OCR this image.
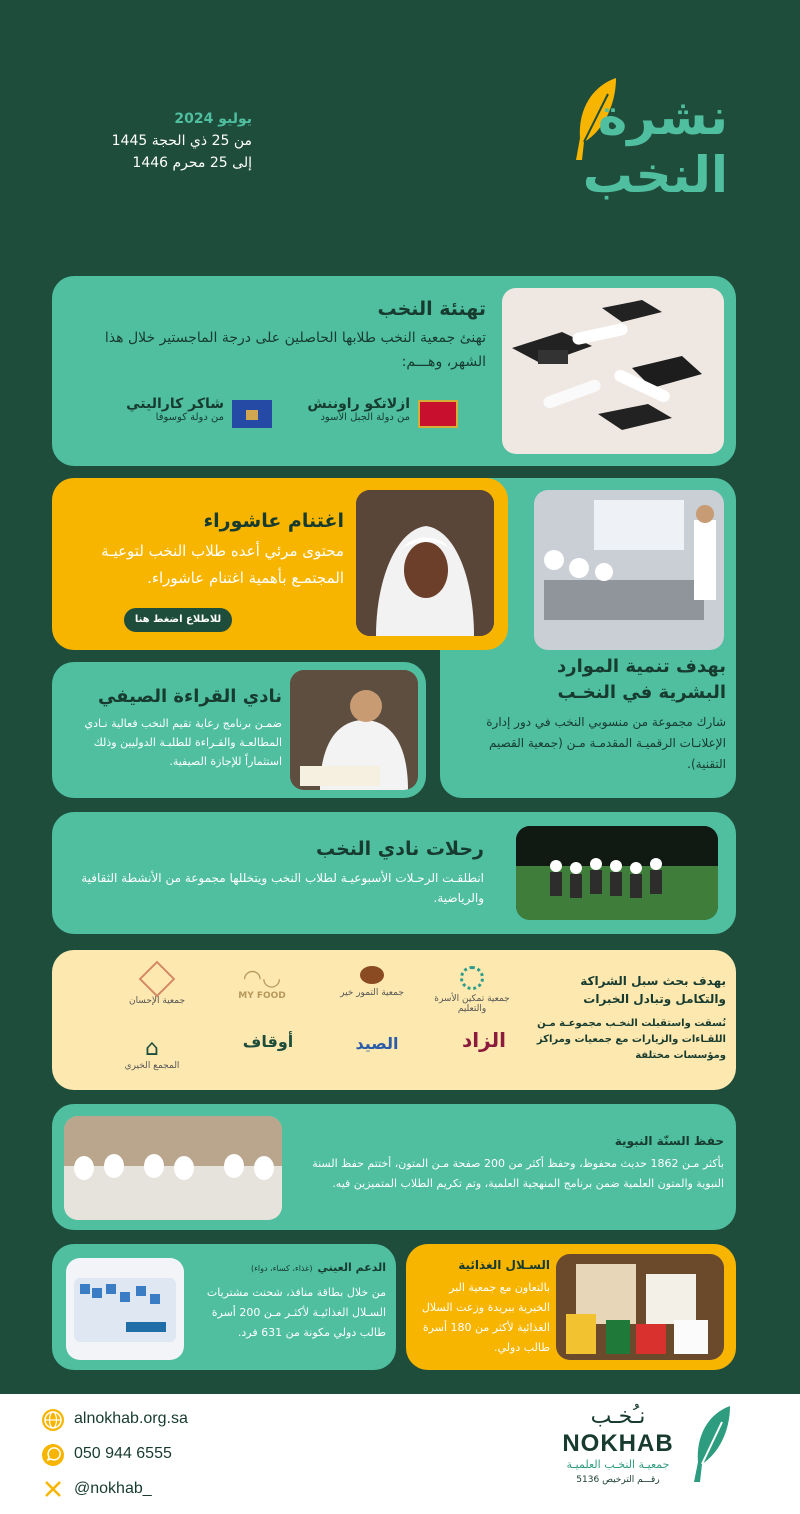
نشرة
النخب
يوليو 2024
من 25 ذي الحجة 1445
إلى 25 محرم 1446
تهنئة النخب
تهنئ جمعية النخب طلابها الحاصلين على درجة الماجستير خلال هذا الشهر، وهـــم:
ازلاتكو راوننش
من دولة الجبل الأسود
شاكر كاراليتي
من دولة كوسوفا
بهدف تنمية الموارد
البشرية في النخـب
شارك مجموعة من منسوبي النخب في دور إدارة الإعلانـات الرقميـة المقدمـة مـن (جمعية القصيم التقنية).
اغتنام عاشوراء
محتوى مرئي أعده طلاب النخب لتوعيـة المجتمـع بأهمية اغتنام عاشوراء.
للاطلاع اضغط هنا
نادي القراءة الصيفي
ضمـن برنامج رعاية تقيم النخب فعالية نـادي المطالعـة والقـراءة للطلبـة الدوليين وذلك استثماراً للإجازة الصيفية.
رحلات نادي النخب
انطلقـت الرحـلات الأسبوعيـة لطلاب النخب ويتخللها مجموعة من الأنشطة الثقافية والرياضية.
بهدف بحث سبل الشراكة
والتكامل وتبادل الخبرات
نُسقت واستقبلت النخـب مجموعـة مـن اللقـاءات والزيارات مع جمعيات ومراكز ومؤسسات مختلفة
جمعية الإحسان
◠◡
MY FOOD	جمعية التمور خير
جمعية تمكين الأسرة والتعليم
⌂
المجمع الخيري
أوقاف	الصيد	الزاد
حفظ السنّة النبوية
بأكثر مـن 1862 حديث محفوظ، وحفظ أكثر من 200 صفحة مـن المتون، أختتم حفظ السنة النبوية والمتون العلمية ضمن برنامج المنهجية العلمية، وتم تكريم الطلاب المتميزين فيه.
الدعم العيني (غذاء، كساء، دواء)
من خلال بطاقة منافذ، شحنت مشتريات السـلال الغذائيـة لأكثـر مـن 200 أسرة طالب دولي مكونة من 631 فرد.
السـلال الغذائية
بالتعاون مع جمعية البر الخيرية ببريدة وزعت السلال الغذائية لأكثر من 180 أسرة طالب دولي.
alnokhab.org.sa
050 944 6555
@nokhab_
نـُخـب
NOKHAB
جمعيـة النخـب العلميـة
رقـــم الترخيص 5136
